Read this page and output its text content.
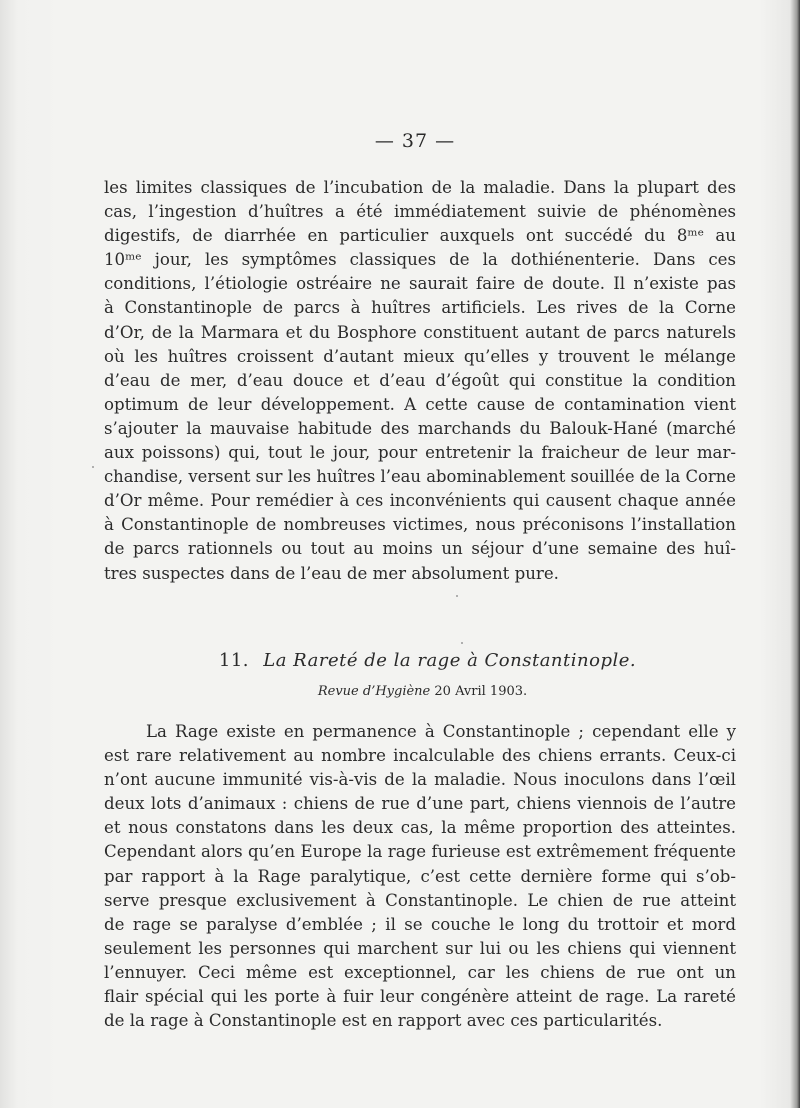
— 37 —
les limites classiques de l’incubation de la maladie. Dans la plupart des
cas, l’ingestion d’huîtres a été immédiatement suivie de phénomènes
digestifs, de diarrhée en particulier auxquels ont succédé du 8ᵐᵉ au
10ᵐᵉ jour, les symptômes classiques de la dothiénenterie. Dans ces
conditions, l’étiologie ostréaire ne saurait faire de doute. Il n’existe pas
à Constantinople de parcs à huîtres artificiels. Les rives de la Corne
d’Or, de la Marmara et du Bosphore constituent autant de parcs naturels
où les huîtres croissent d’autant mieux qu’elles y trouvent le mélange
d’eau de mer, d’eau douce et d’eau d’égoût qui constitue la condition
optimum de leur développement. A cette cause de contamination vient
s’ajouter la mauvaise habitude des marchands du Balouk-Hané (marché
aux poissons) qui, tout le jour, pour entretenir la fraicheur de leur mar-
chandise, versent sur les huîtres l’eau abominablement souillée de la Corne
d’Or même. Pour remédier à ces inconvénients qui causent chaque année
à Constantinople de nombreuses victimes, nous préconisons l’installation
de parcs rationnels ou tout au moins un séjour d’une semaine des huî-
tres suspectes dans de l’eau de mer absolument pure.
11. La Rareté de la rage à Constantinople.
Revue d’Hygiène 20 Avril 1903.
La Rage existe en permanence à Constantinople ; cependant elle y
est rare relativement au nombre incalculable des chiens errants. Ceux-ci
n’ont aucune immunité vis-à-vis de la maladie. Nous inoculons dans l’œil
deux lots d’animaux : chiens de rue d’une part, chiens viennois de l’autre
et nous constatons dans les deux cas, la même proportion des atteintes.
Cependant alors qu’en Europe la rage furieuse est extrêmement fréquente
par rapport à la Rage paralytique, c’est cette dernière forme qui s’ob-
serve presque exclusivement à Constantinople. Le chien de rue atteint
de rage se paralyse d’emblée ; il se couche le long du trottoir et mord
seulement les personnes qui marchent sur lui ou les chiens qui viennent
l’ennuyer. Ceci même est exceptionnel, car les chiens de rue ont un
flair spécial qui les porte à fuir leur congénère atteint de rage. La rareté
de la rage à Constantinople est en rapport avec ces particularités.
